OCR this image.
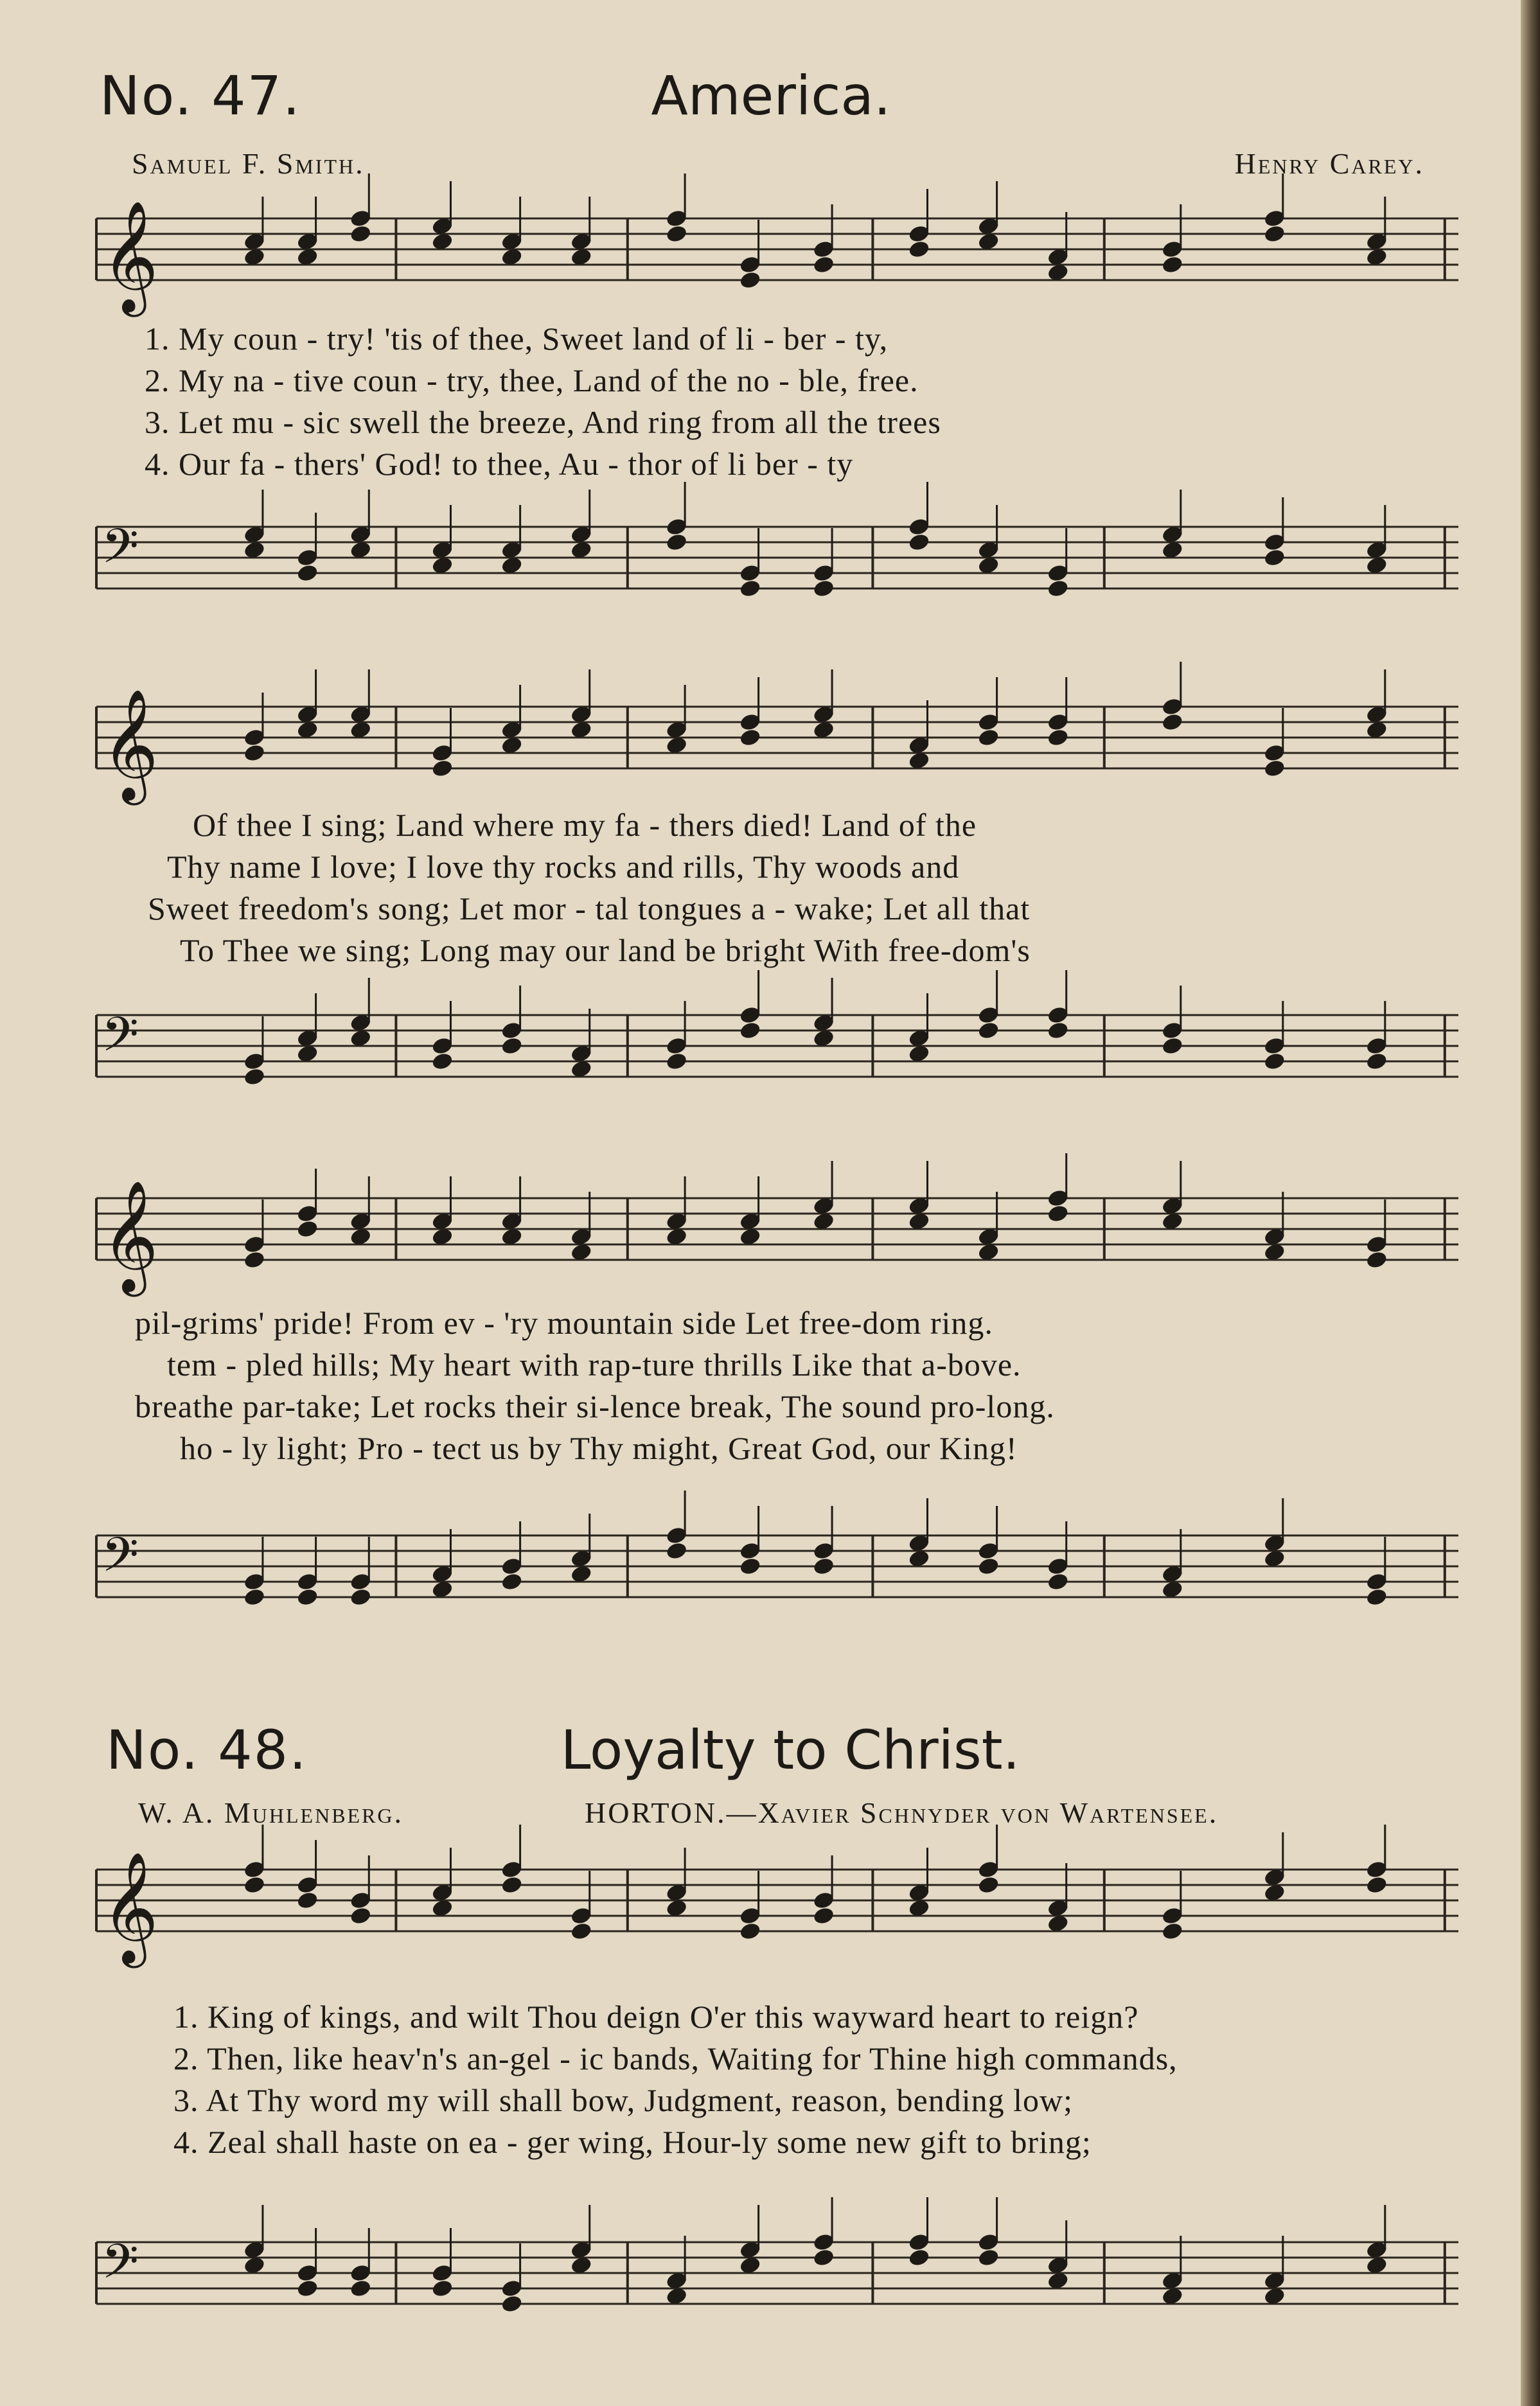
No. 47.	America.
Samuel F. Smith.	Henry Carey.
𝄞
1. My coun - try! 'tis of thee, Sweet land of li - ber - ty,
2. My na - tive coun - try, thee, Land of the no - ble, free.
3. Let mu - sic swell the breeze, And ring from all the trees
4. Our fa - thers' God! to thee, Au - thor of li ber - ty
𝄢
𝄞
Of thee I sing; Land where my fa - thers died! Land of the
Thy name I love; I love thy rocks and rills, Thy woods and
Sweet freedom's song; Let mor - tal tongues a - wake; Let all that
To Thee we sing; Long may our land be bright With free-dom's
𝄢
𝄞
pil-grims' pride! From ev - 'ry mountain side Let free-dom ring.
tem - pled hills; My heart with rap-ture thrills Like that a-bove.
breathe par-take; Let rocks their si-lence break, The sound pro-long.
ho - ly light; Pro - tect us by Thy might, Great God, our King!
𝄢
No. 48.	Loyalty to Christ.
W. A. Muhlenberg.	HORTON.—Xavier Schnyder von Wartensee.
𝄞
1. King of kings, and wilt Thou deign O'er this wayward heart to reign?
2. Then, like heav'n's an-gel - ic bands, Waiting for Thine high commands,
3. At Thy word my will shall bow, Judgment, reason, bending low;
4. Zeal shall haste on ea - ger wing, Hour-ly some new gift to bring;
𝄢
